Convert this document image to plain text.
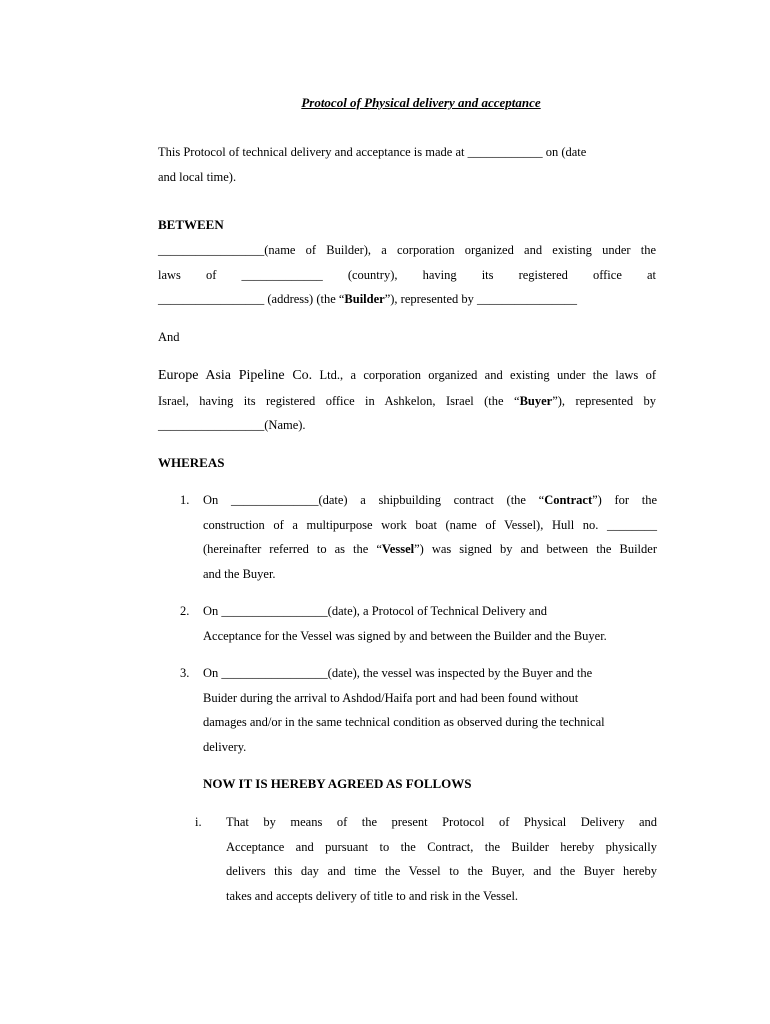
Protocol of Physical delivery and acceptance
This Protocol of technical delivery and acceptance is made at ____________ on (date
and local time).
BETWEEN
_________________(name of Builder), a corporation organized and existing under the
laws of _____________ (country), having its registered office at
_________________ (address) (the “Builder”), represented by ________________
And
Europe Asia Pipeline Co. Ltd., a corporation organized and existing under the laws of
Israel, having its registered office in Ashkelon, Israel (the “Buyer”), represented by
_________________(Name).
WHEREAS
1.	On ______________(date) a shipbuilding contract (the “Contract”) for the
construction of a multipurpose work boat (name of Vessel), Hull no. ________
(hereinafter referred to as the “Vessel”) was signed by and between the Builder
and the Buyer.
2.	On _________________(date), a Protocol of Technical Delivery and
Acceptance for the Vessel was signed by and between the Builder and the Buyer.
3.	On _________________(date), the vessel was inspected by the Buyer and the
Buider during the arrival to Ashdod/Haifa port and had been found without
damages and/or in the same technical condition as observed during the technical
delivery.
NOW IT IS HEREBY AGREED AS FOLLOWS
i.	That by means of the present Protocol of Physical Delivery and
Acceptance and pursuant to the Contract, the Builder hereby physically
delivers this day and time the Vessel to the Buyer, and the Buyer hereby
takes and accepts delivery of title to and risk in the Vessel.
